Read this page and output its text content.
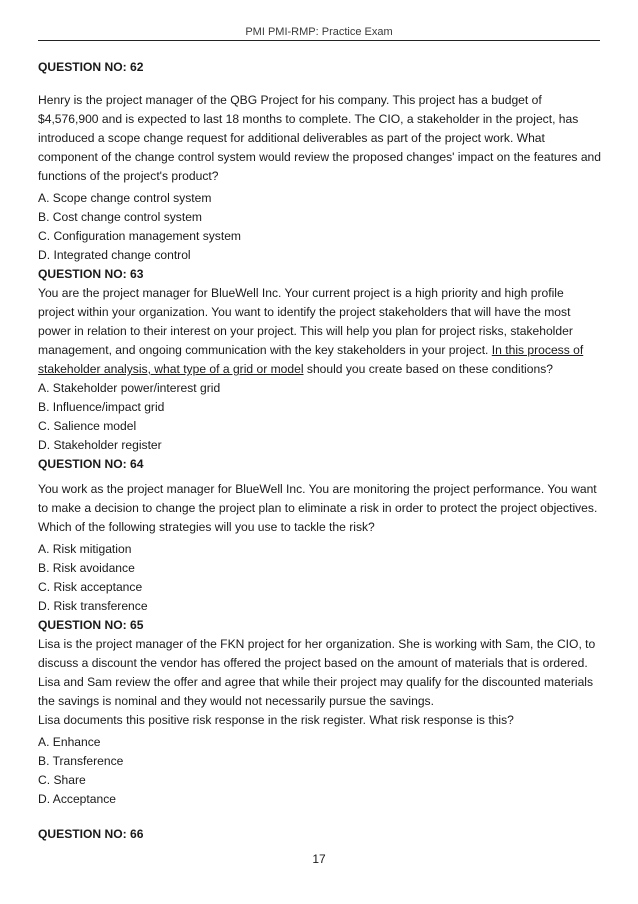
PMI PMI-RMP: Practice Exam
QUESTION NO: 62

Henry is the project manager of the QBG Project for his company. This project has a budget of $4,576,900 and is expected to last 18 months to complete. The CIO, a stakeholder in the project, has introduced a scope change request for additional deliverables as part of the project work. What component of the change control system would review the proposed changes' impact on the features and functions of the project's product?

A. Scope change control system
B. Cost change control system
C. Configuration management system
D. Integrated change control
QUESTION NO: 63

You are the project manager for BlueWell Inc. Your current project is a high priority and high profile project within your organization. You want to identify the project stakeholders that will have the most power in relation to their interest on your project. This will help you plan for project risks, stakeholder management, and ongoing communication with the key stakeholders in your project. In this process of stakeholder analysis, what type of a grid or model should you create based on these conditions?

A. Stakeholder power/interest grid
B. Influence/impact grid
C. Salience model
D. Stakeholder register
QUESTION NO: 64

You work as the project manager for BlueWell Inc. You are monitoring the project performance. You want to make a decision to change the project plan to eliminate a risk in order to protect the project objectives. Which of the following strategies will you use to tackle the risk?

A. Risk mitigation
B. Risk avoidance
C. Risk acceptance
D. Risk transference
QUESTION NO: 65

Lisa is the project manager of the FKN project for her organization. She is working with Sam, the CIO, to discuss a discount the vendor has offered the project based on the amount of materials that is ordered. Lisa and Sam review the offer and agree that while their project may qualify for the discounted materials the savings is nominal and they would not necessarily pursue the savings.

Lisa documents this positive risk response in the risk register. What risk response is this?

A. Enhance
B. Transference
C. Share
D. Acceptance
QUESTION NO: 66
17
